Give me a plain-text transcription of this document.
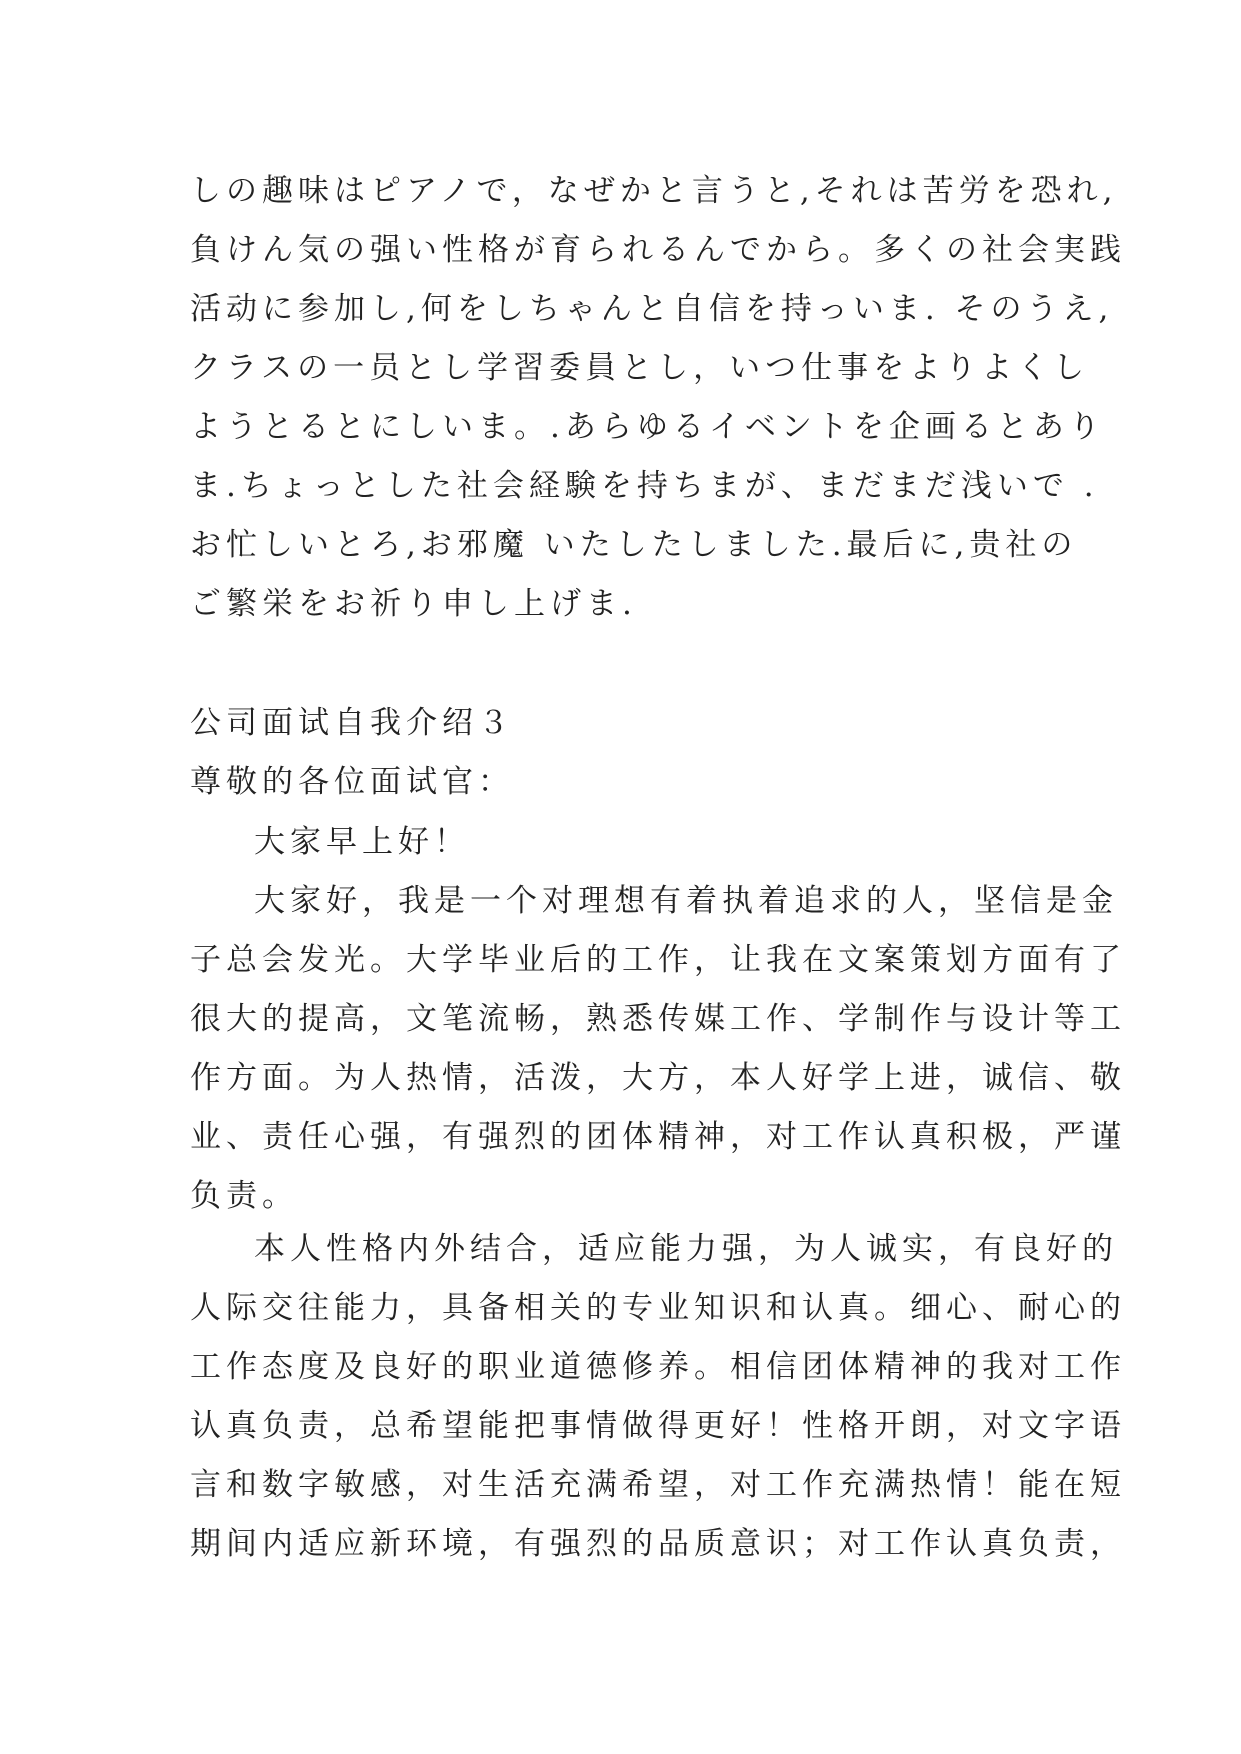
しの趣味はピアノで，なぜかと言うと,それは苦労を恐れ,
負けん気の强い性格が育られるんでから。多くの社会実践
活动に参加し,何をしちゃんと自信を持っいま. そのうえ,
クラスの一员とし学習委員とし，いつ仕事をよりよくし
ようとるとにしいま。.あらゆるイベントを企画るとあり
ま.ちょっとした社会経験を持ちまが、まだまだ浅いで .
お忙しいとろ,お邪魔 いたしたしました.最后に,贵社の
ご繁栄をお祈り申し上げま.
公司面试自我介绍３
尊敬的各位面试官：
大家早上好！
大家好，我是一个对理想有着执着追求的人，坚信是金
子总会发光。大学毕业后的工作，让我在文案策划方面有了
很大的提高，文笔流畅，熟悉传媒工作、学制作与设计等工
作方面。为人热情，活泼，大方，本人好学上进，诚信、敬
业、责任心强，有强烈的团体精神，对工作认真积极，严谨
负责。
本人性格内外结合，适应能力强，为人诚实，有良好的
人际交往能力，具备相关的专业知识和认真。细心、耐心的
工作态度及良好的职业道德修养。相信团体精神的我对工作
认真负责，总希望能把事情做得更好！性格开朗，对文字语
言和数字敏感，对生活充满希望，对工作充满热情！能在短
期间内适应新环境，有强烈的品质意识；对工作认真负责，
